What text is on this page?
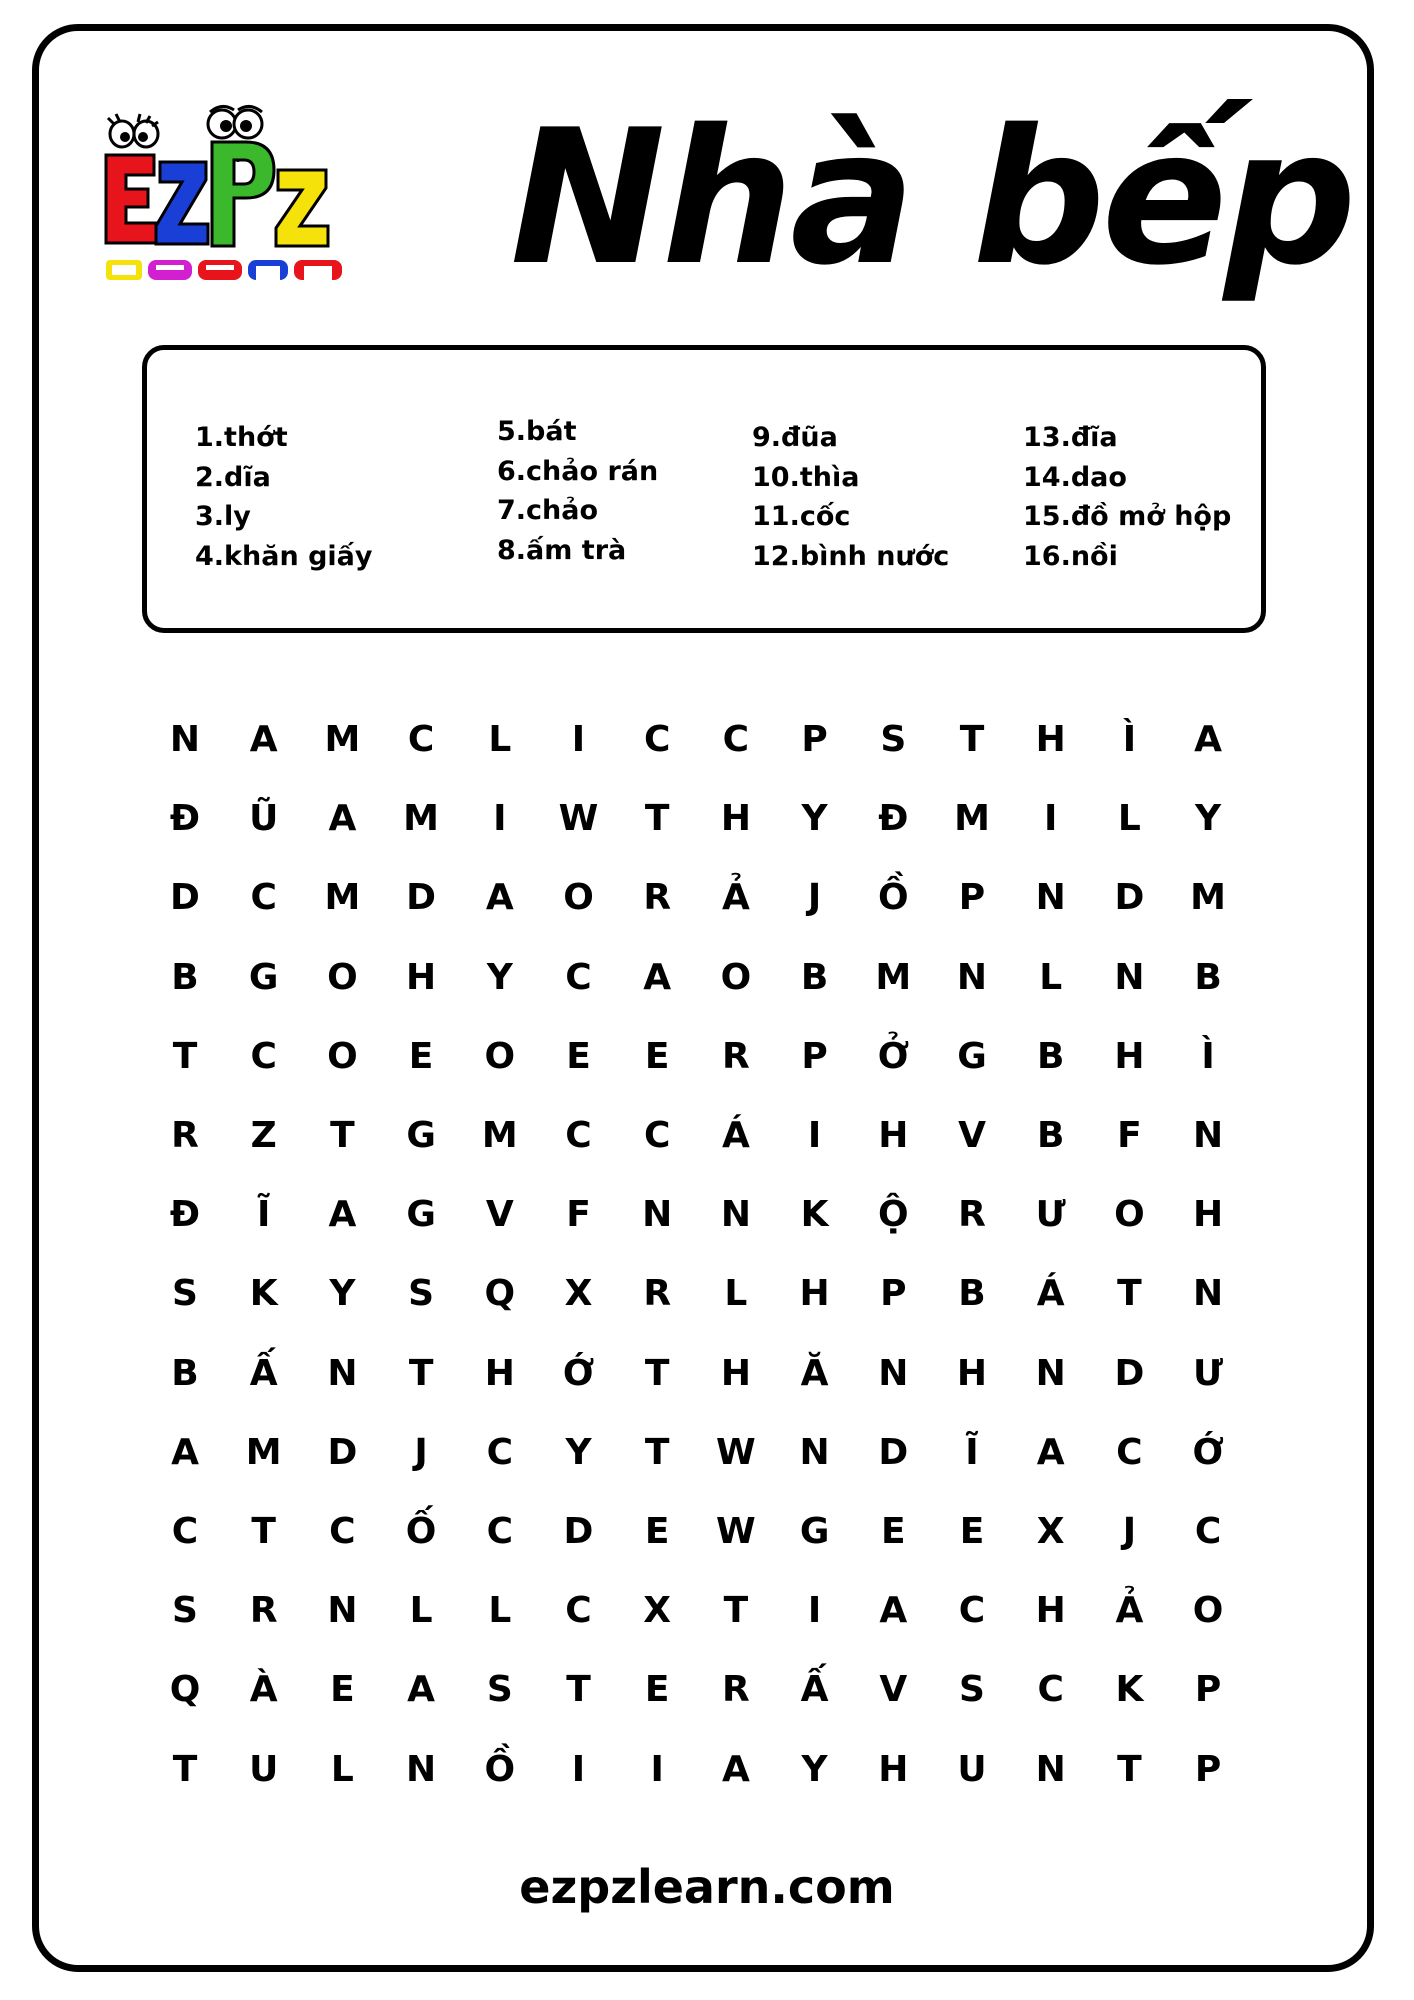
learn Nhà bếp
1.thớt
2.dĩa
3.ly
4.khăn giấy
5.bát
6.chảo rán
7.chảo
8.ấm trà
9.đũa
10.thìa
11.cốc
12.bình nước
13.đĩa
14.dao
15.đồ mở hộp
16.nồi
N	A	M	C	L	I	C	C	P	S	T	H	Ì	A
Đ	Ũ	A	M	I	W	T	H	Y	Đ	M	I	L	Y
D	C	M	D	A	O	R	Ả	J	Ồ	P	N	D	M
B	G	O	H	Y	C	A	O	B	M	N	L	N	B
T	C	O	E	O	E	E	R	P	Ở	G	B	H	Ì
R	Z	T	G	M	C	C	Á	I	H	V	B	F	N
Đ	Ĩ	A	G	V	F	N	N	K	Ộ	R	Ư	O	H
S	K	Y	S	Q	X	R	L	H	P	B	Á	T	N
B	Ấ	N	T	H	Ớ	T	H	Ă	N	H	N	D	Ư
A	M	D	J	C	Y	T	W	N	D	Ĩ	A	C	Ớ
C	T	C	Ố	C	D	E	W	G	E	E	X	J	C
S	R	N	L	L	C	X	T	I	A	C	H	Ả	O
Q	À	E	A	S	T	E	R	Ấ	V	S	C	K	P
T	U	L	N	Ồ	I	I	A	Y	H	U	N	T	P
ezpzlearn.com
